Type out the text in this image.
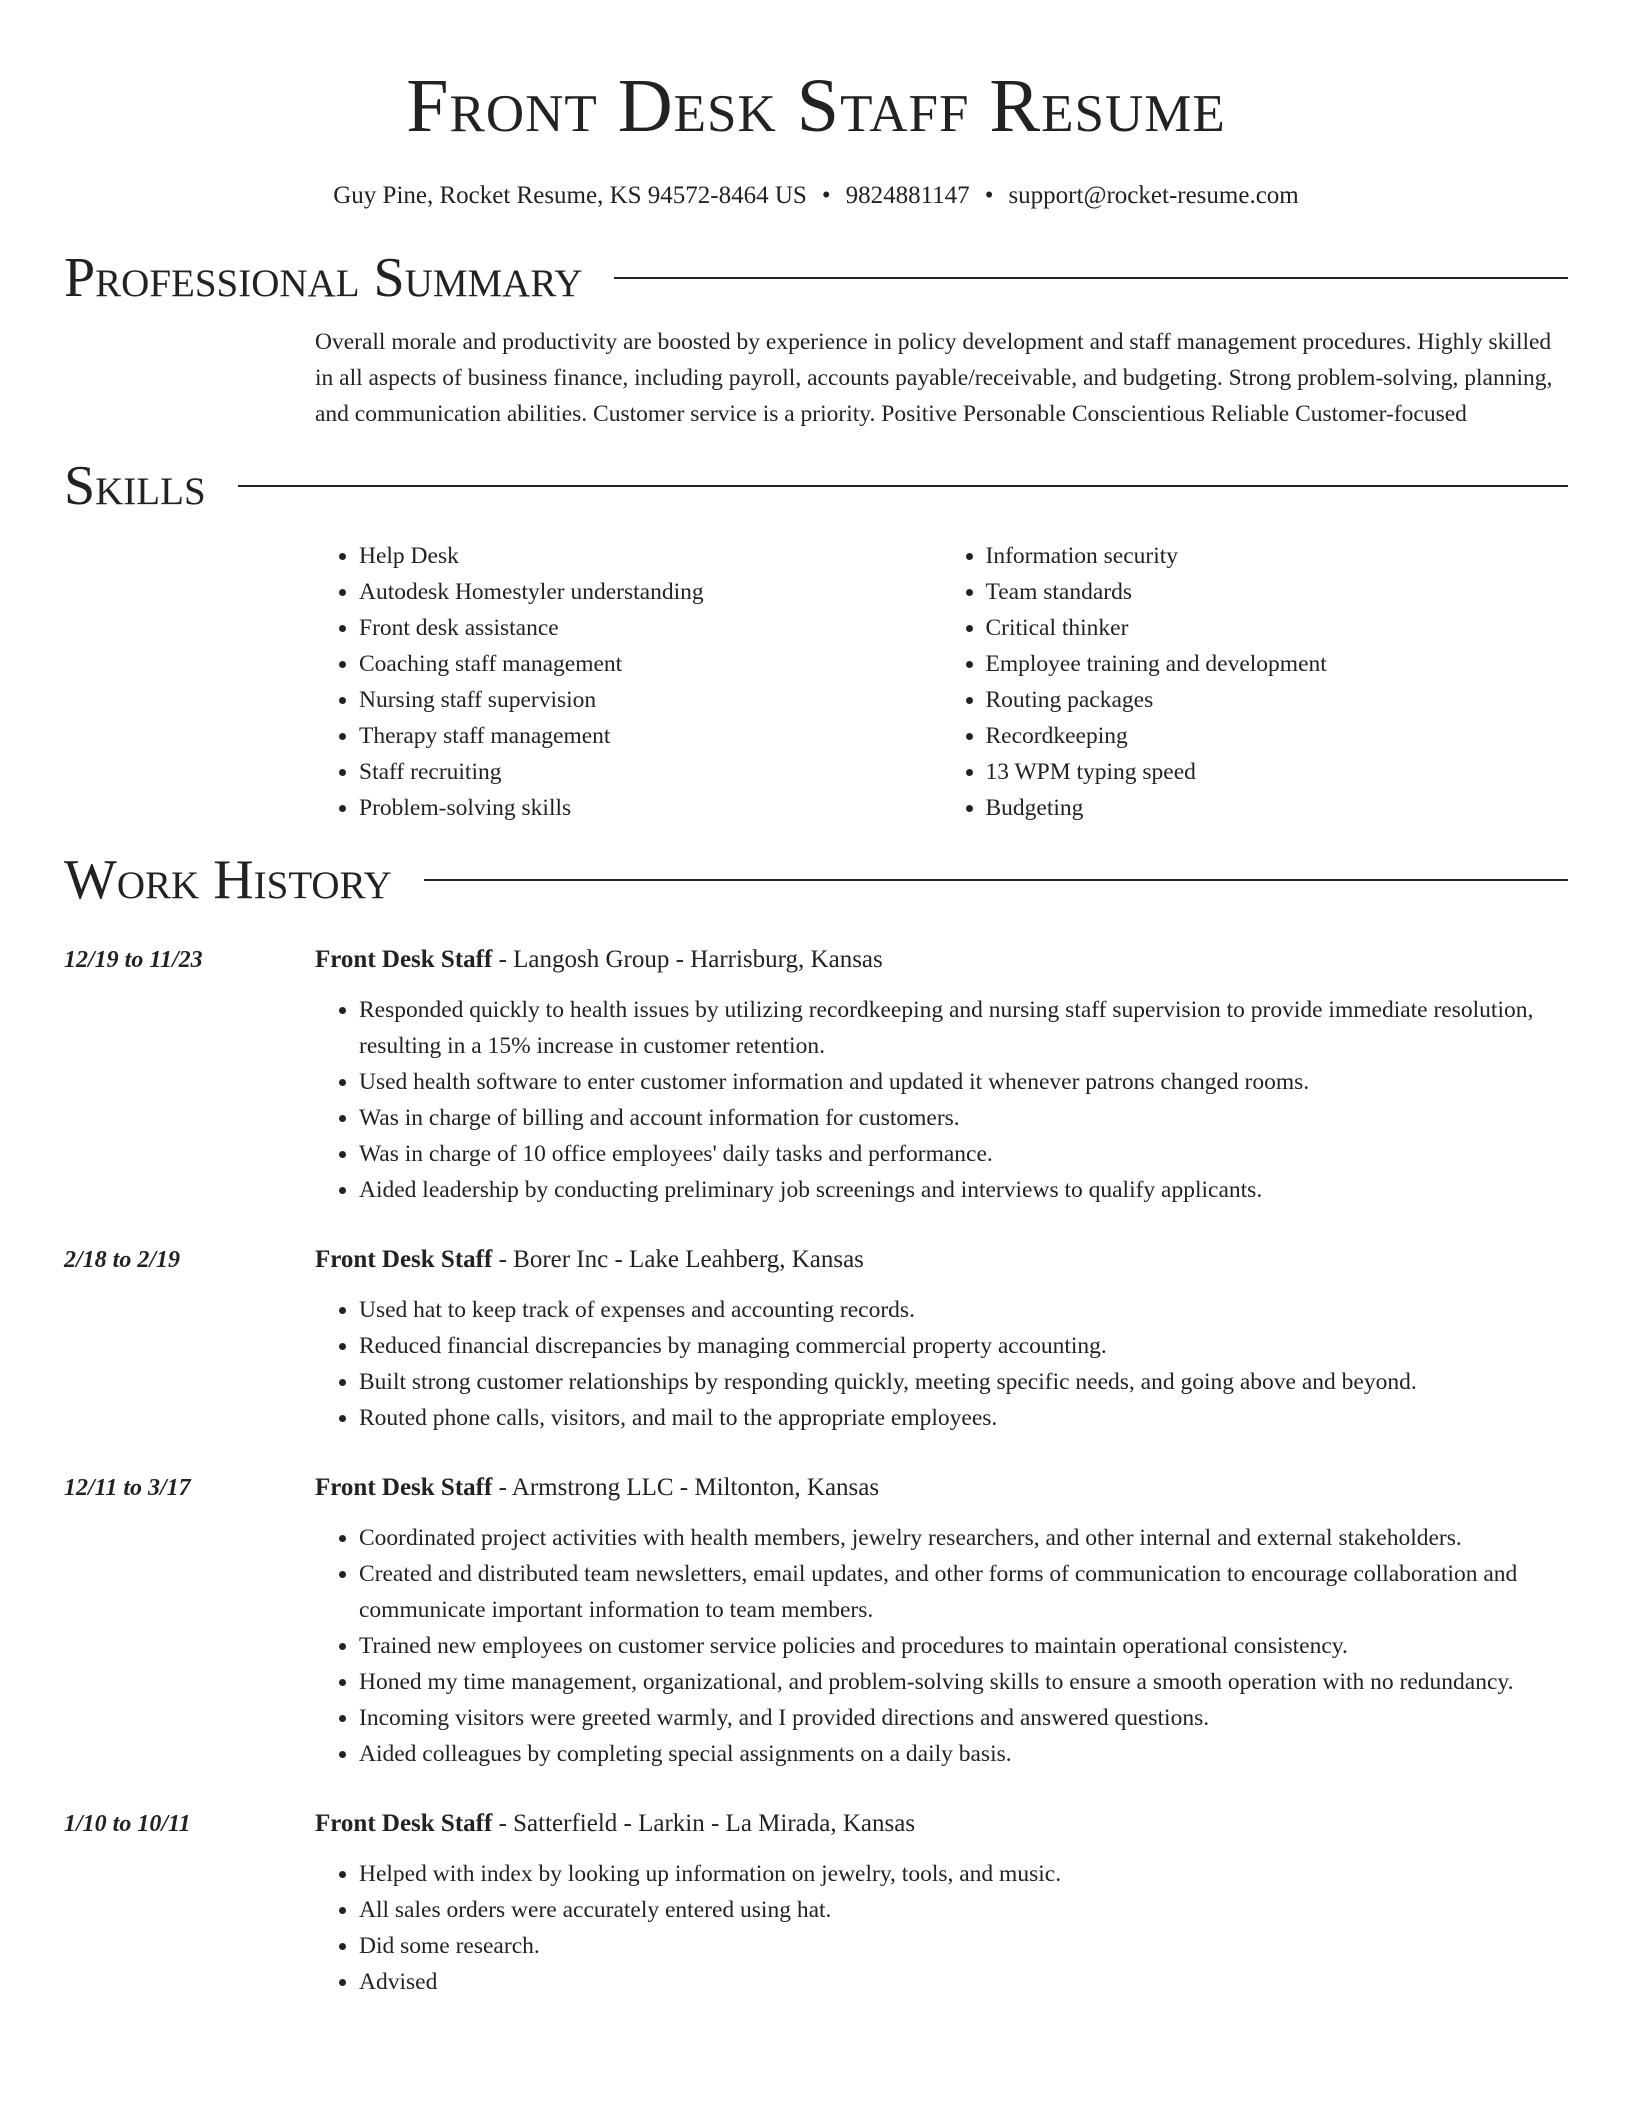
Front Desk Staff Resume
Guy Pine, Rocket Resume, KS 94572-8464 US • 9824881147 • support@rocket-resume.com
Professional Summary
Overall morale and productivity are boosted by experience in policy development and staff management procedures. Highly skilled in all aspects of business finance, including payroll, accounts payable/receivable, and budgeting. Strong problem-solving, planning, and communication abilities. Customer service is a priority. Positive Personable Conscientious Reliable Customer-focused
Skills
• Help Desk
• Autodesk Homestyler understanding
• Front desk assistance
• Coaching staff management
• Nursing staff supervision
• Therapy staff management
• Staff recruiting
• Problem-solving skills
• Information security
• Team standards
• Critical thinker
• Employee training and development
• Routing packages
• Recordkeeping
• 13 WPM typing speed
• Budgeting
Work History
12/19 to 11/23	Front Desk Staff - Langosh Group - Harrisburg, Kansas
• Responded quickly to health issues by utilizing recordkeeping and nursing staff supervision to provide immediate resolution, resulting in a 15% increase in customer retention.
• Used health software to enter customer information and updated it whenever patrons changed rooms.
• Was in charge of billing and account information for customers.
• Was in charge of 10 office employees' daily tasks and performance.
• Aided leadership by conducting preliminary job screenings and interviews to qualify applicants.
2/18 to 2/19	Front Desk Staff - Borer Inc - Lake Leahberg, Kansas
• Used hat to keep track of expenses and accounting records.
• Reduced financial discrepancies by managing commercial property accounting.
• Built strong customer relationships by responding quickly, meeting specific needs, and going above and beyond.
• Routed phone calls, visitors, and mail to the appropriate employees.
12/11 to 3/17	Front Desk Staff - Armstrong LLC - Miltonton, Kansas
• Coordinated project activities with health members, jewelry researchers, and other internal and external stakeholders.
• Created and distributed team newsletters, email updates, and other forms of communication to encourage collaboration and communicate important information to team members.
• Trained new employees on customer service policies and procedures to maintain operational consistency.
• Honed my time management, organizational, and problem-solving skills to ensure a smooth operation with no redundancy.
• Incoming visitors were greeted warmly, and I provided directions and answered questions.
• Aided colleagues by completing special assignments on a daily basis.
1/10 to 10/11	Front Desk Staff - Satterfield - Larkin - La Mirada, Kansas
• Helped with index by looking up information on jewelry, tools, and music.
• All sales orders were accurately entered using hat.
• Did some research.
• Advised
